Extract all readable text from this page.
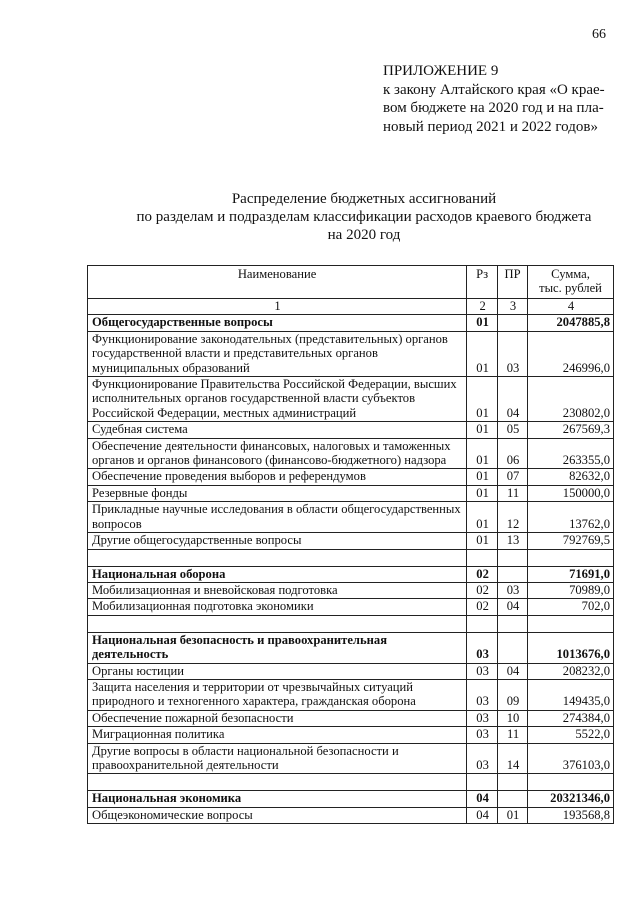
66
ПРИЛОЖЕНИЕ 9
к закону Алтайского края «О крае-
вом бюджете на 2020 год и на пла-
новый период 2021 и 2022 годов»
Распределение бюджетных ассигнований
по разделам и подразделам классификации расходов краевого бюджета
на 2020 год
Наименование	Рз	ПР	Сумма,
тыс. рублей
1	2	3	4
Общегосударственные вопросы	01		2047885,8
Функционирование законодательных (представительных) органов государственной власти и представительных органов муниципальных образований	01	03	246996,0
Функционирование Правительства Российской Федерации, высших исполнительных органов государственной власти субъектов Российской Федерации, местных администраций	01	04	230802,0
Судебная система	01	05	267569,3
Обеспечение деятельности финансовых, налоговых и таможенных органов и органов финансового (финансово-бюджетного) надзора	01	06	263355,0
Обеспечение проведения выборов и референдумов	01	07	82632,0
Резервные фонды	01	11	150000,0
Прикладные научные исследования в области общегосударственных вопросов	01	12	13762,0
Другие общегосударственные вопросы	01	13	792769,5

Национальная оборона	02		71691,0
Мобилизационная и вневойсковая подготовка	02	03	70989,0
Мобилизационная подготовка экономики	02	04	702,0

Национальная безопасность и правоохранительная деятельность	03		1013676,0
Органы юстиции	03	04	208232,0
Защита населения и территории от чрезвычайных ситуаций природного и техногенного характера, гражданская оборона	03	09	149435,0
Обеспечение пожарной безопасности	03	10	274384,0
Миграционная политика	03	11	5522,0
Другие вопросы в области национальной безопасности и правоохранительной деятельности	03	14	376103,0

Национальная экономика	04		20321346,0
Общеэкономические вопросы	04	01	193568,8
